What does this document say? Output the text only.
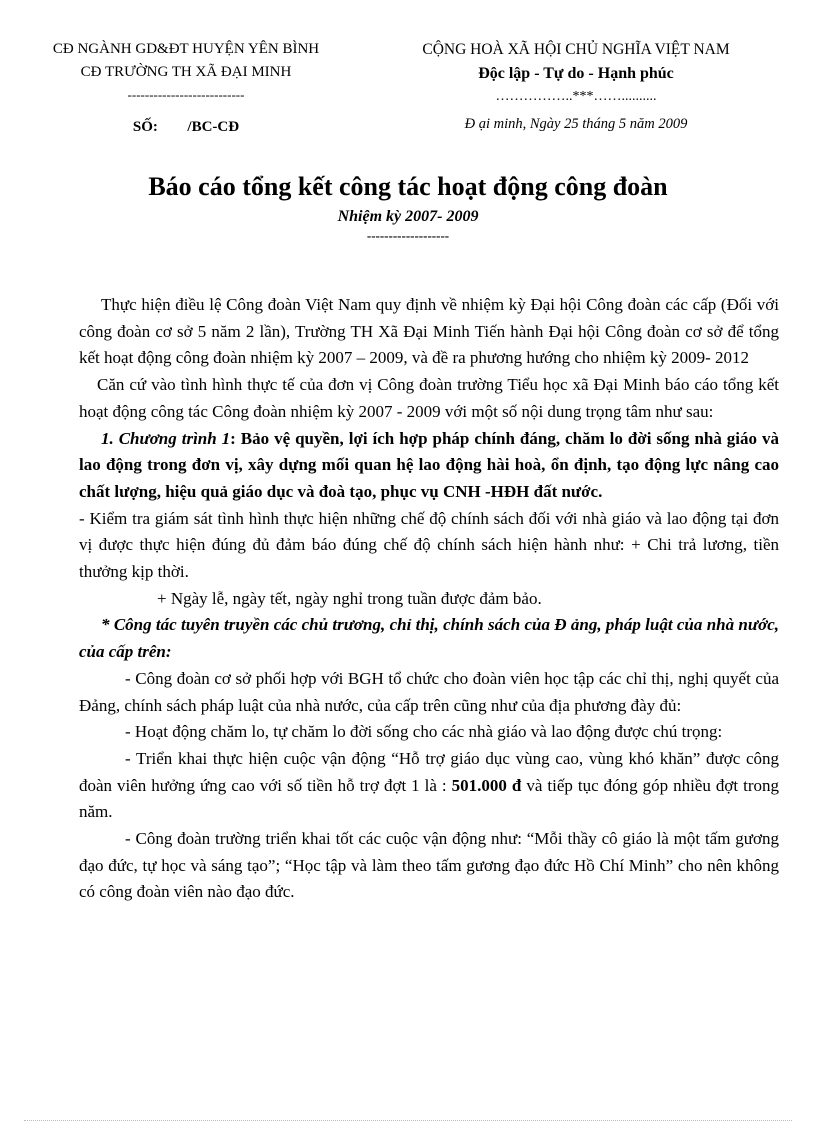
CĐ NGÀNH GD&ĐT HUYỆN YÊN BÌNH
CĐ TRƯỜNG TH XÃ ĐẠI MINH
---------------------------
SỐ: /BC-CĐ
CỘNG HOÀ XÃ HỘI CHỦ NGHĨA VIỆT NAM
Độc lập - Tự do - Hạnh phúc
……………..***……..........
Đ ại minh, Ngày 25 tháng 5 năm 2009
Báo cáo tổng kết công tác hoạt động công đoàn
Nhiệm kỳ 2007- 2009
-------------------

Thực hiện điều lệ Công đoàn Việt Nam quy định về nhiệm kỳ Đại hội Công đoàn các cấp (Đối với công đoàn cơ sở 5 năm 2 lần), Trường TH Xã Đại Minh Tiến hành Đại hội Công đoàn cơ sở để tổng kết hoạt động công đoàn nhiệm kỳ 2007 – 2009, và đề ra phương hướng cho nhiệm kỳ 2009- 2012

Căn cứ vào tình hình thực tế của đơn vị Công đoàn trường Tiểu học xã Đại Minh báo cáo tổng kết hoạt động công tác Công đoàn nhiệm kỳ 2007 - 2009 với một số nội dung trọng tâm như sau:

1. Chương trình 1: Bảo vệ quyền, lợi ích hợp pháp chính đáng, chăm lo đời sống nhà giáo và lao động trong đơn vị, xây dựng mối quan hệ lao động hài hoà, ổn định, tạo động lực nâng cao chất lượng, hiệu quả giáo dục và đoà tạo, phục vụ CNH -HĐH đất nước.

- Kiểm tra giám sát tình hình thực hiện những chế độ chính sách đối với nhà giáo và lao động tại đơn vị được thực hiện đúng đủ đảm báo đúng chế độ chính sách hiện hành như: + Chi trả lương, tiền thưởng kịp thời.

+ Ngày lễ, ngày tết, ngày nghỉ trong tuần được đảm bảo.

* Công tác tuyên truyền các chủ trương, chỉ thị, chính sách của Đ ảng, pháp luật của nhà nước, của cấp trên:

- Công đoàn cơ sở phối hợp với BGH tổ chức cho đoàn viên học tập các chỉ thị, nghị quyết của Đảng, chính sách pháp luật của nhà nước, của cấp trên cũng như của địa phương đày đủ:

- Hoạt động chăm lo, tự chăm lo đời sống cho các nhà giáo và lao động được chú trọng:

- Triển khai thực hiện cuộc vận động “Hỗ trợ giáo dục vùng cao, vùng khó khăn” được công đoàn viên hưởng ứng cao với số tiền hỗ trợ đợt 1 là : 501.000 đ và tiếp tục đóng góp nhiều đợt trong năm.

- Công đoàn trường triển khai tốt các cuộc vận động như: “Mỗi thầy cô giáo là một tấm gương đạo đức, tự học và sáng tạo”; “Học tập và làm theo tấm gương đạo đức Hồ Chí Minh” cho nên không có công đoàn viên nào đạo đức.
